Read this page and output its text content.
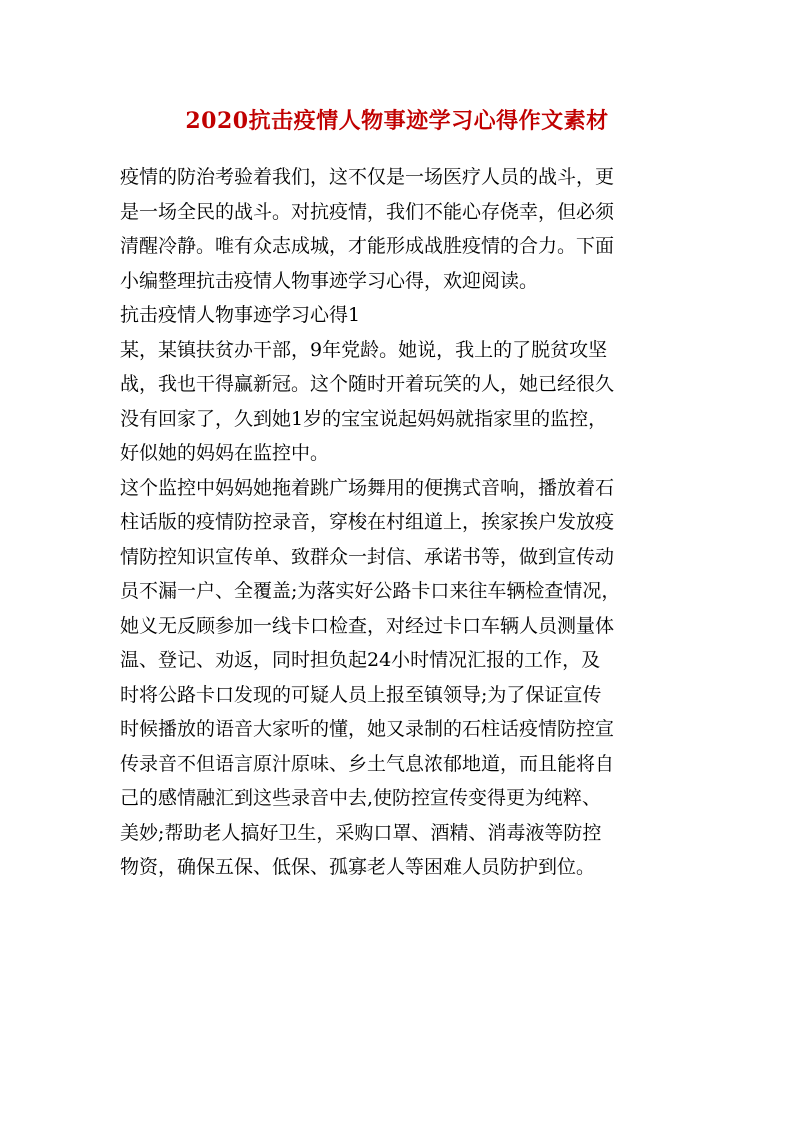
2020抗击疫情人物事迹学习心得作文素材
疫情的防治考验着我们，这不仅是一场医疗人员的战斗，更
是一场全民的战斗。对抗疫情，我们不能心存侥幸，但必须
清醒冷静。唯有众志成城，才能形成战胜疫情的合力。下面
小编整理抗击疫情人物事迹学习心得，欢迎阅读。
抗击疫情人物事迹学习心得1
某，某镇扶贫办干部，9年党龄。她说，我上的了脱贫攻坚
战，我也干得赢新冠。这个随时开着玩笑的人，她已经很久
没有回家了，久到她1岁的宝宝说起妈妈就指家里的监控，
好似她的妈妈在监控中。
这个监控中妈妈她拖着跳广场舞用的便携式音响，播放着石
柱话版的疫情防控录音，穿梭在村组道上，挨家挨户发放疫
情防控知识宣传单、致群众一封信、承诺书等，做到宣传动
员不漏一户、全覆盖;为落实好公路卡口来往车辆检查情况，
她义无反顾参加一线卡口检查，对经过卡口车辆人员测量体
温、登记、劝返，同时担负起24小时情况汇报的工作，及
时将公路卡口发现的可疑人员上报至镇领导;为了保证宣传
时候播放的语音大家听的懂，她又录制的石柱话疫情防控宣
传录音不但语言原汁原味、乡土气息浓郁地道，而且能将自
己的感情融汇到这些录音中去,使防控宣传变得更为纯粹、
美妙;帮助老人搞好卫生，采购口罩、酒精、消毒液等防控
物资，确保五保、低保、孤寡老人等困难人员防护到位。
